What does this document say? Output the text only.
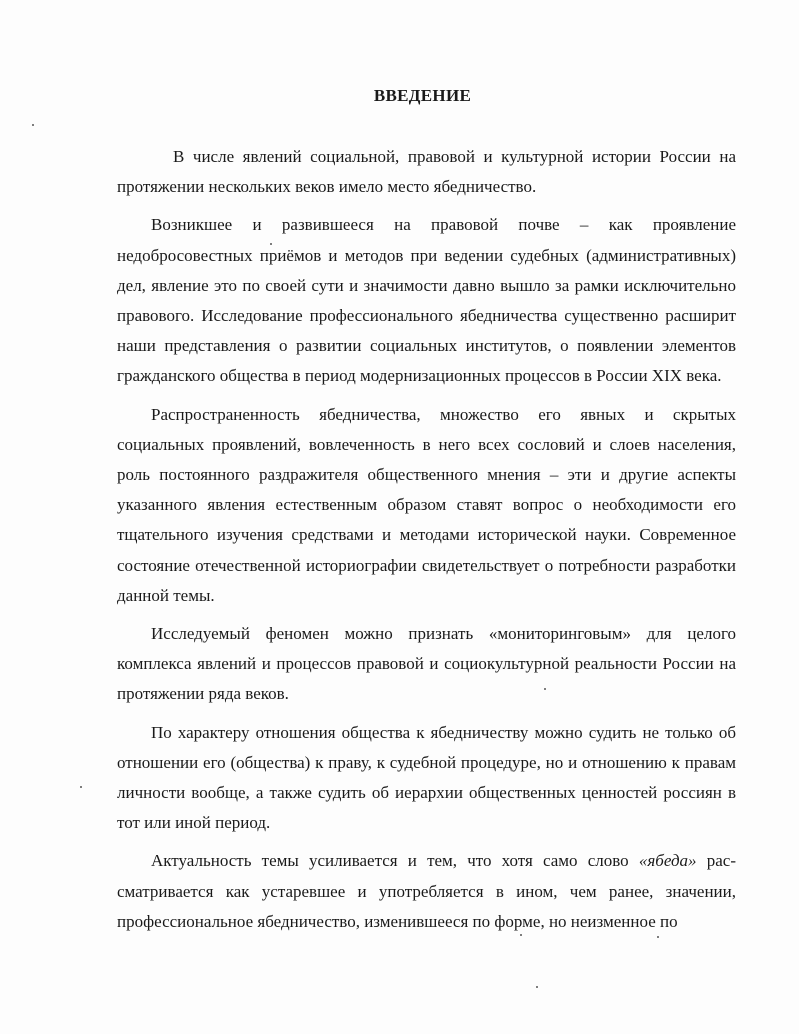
ВВЕДЕНИЕ

В числе явлений социальной, правовой и культурной истории России на протяжении нескольких веков имело место ябедничество.

Возникшее и развившееся на правовой почве – как проявление недобросовестных приёмов и методов при ведении судебных (административных) дел, явление это по своей сути и значимости давно вышло за рамки исключительно правового. Исследование профессионального ябедничества существенно расширит наши представления о развитии социальных институтов, о появлении элементов гражданского общества в период модернизационных процессов в России XIX века.

Распространенность ябедничества, множество его явных и скрытых социальных проявлений, вовлеченность в него всех сословий и слоев населения, роль постоянного раздражителя общественного мнения – эти и другие аспекты указанного явления естественным образом ставят вопрос о необходимости его тщательного изучения средствами и методами исторической науки. Современное состояние отечественной историографии свидетельствует о потребности разработки данной темы.

Исследуемый феномен можно признать «мониторинговым» для целого комплекса явлений и процессов правовой и социокультурной реальности России на протяжении ряда веков.

По характеру отношения общества к ябедничеству можно судить не только об отношении его (общества) к праву, к судебной процедуре, но и отношению к правам личности вообще, а также судить об иерархии общественных ценностей россиян в тот или иной период.

Актуальность темы усиливается и тем, что хотя само слово «ябеда» рассматривается как устаревшее и употребляется в ином, чем ранее, значении, профессиональное ябедничество, изменившееся по форме, но неизменное по
